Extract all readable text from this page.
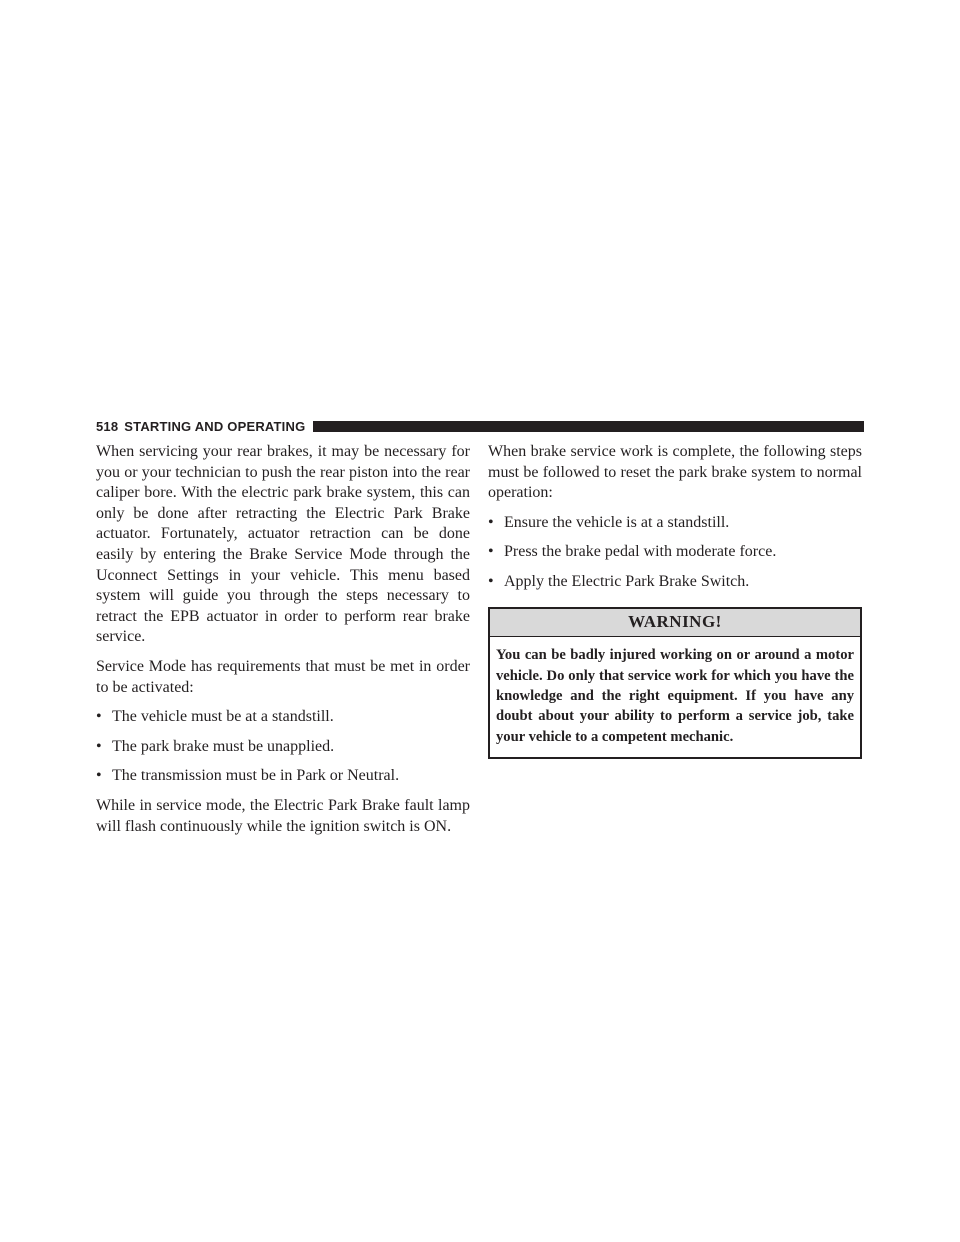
518 STARTING AND OPERATING

When servicing your rear brakes, it may be necessary for you or your technician to push the rear piston into the rear caliper bore. With the electric park brake system, this can only be done after retracting the Electric Park Brake actuator. Fortunately, actuator retraction can be done easily by entering the Brake Service Mode through the Uconnect Settings in your vehicle. This menu based system will guide you through the steps necessary to retract the EPB actuator in order to perform rear brake service.

Service Mode has requirements that must be met in order to be activated:

• The vehicle must be at a standstill.
• The park brake must be unapplied.
• The transmission must be in Park or Neutral.

While in service mode, the Electric Park Brake fault lamp will flash continuously while the ignition switch is ON.

When brake service work is complete, the following steps must be followed to reset the park brake system to normal operation:

• Ensure the vehicle is at a standstill.
• Press the brake pedal with moderate force.
• Apply the Electric Park Brake Switch.
WARNING!

You can be badly injured working on or around a motor vehicle. Do only that service work for which you have the knowledge and the right equipment. If you have any doubt about your ability to perform a service job, take your vehicle to a competent mechanic.
